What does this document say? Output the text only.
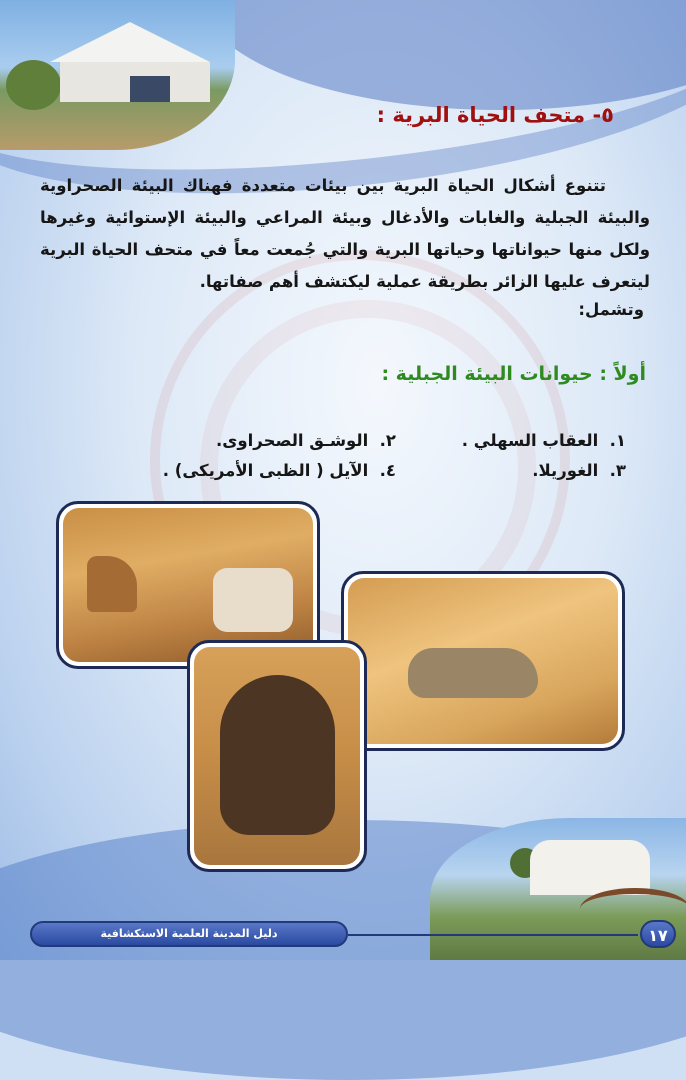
٥- متحف الحياة البرية :

تتنوع أشكال الحياة البرية بين بيئات متعددة فهناك البيئة الصحراوية والبيئة الجبلية والغابات والأدغال وبيئة المراعي والبيئة الإستوائية وغيرها ولكل منها حيواناتها وحياتها البرية والتي جُمعت معاً في متحف الحياة البرية ليتعرف عليها الزائر بطريقة عملية ليكتشف أهم صفاتها.

وتشمل:

أولاً : حيوانات البيئة الجبلية :
١. العقاب السهلي .
٣. الغوريلا.
٢. الوشـق الصحراوى.
٤. الآيل ( الظبى الأمريكى) .
دليل المدينة العلمية الاستكشافية	١٧
